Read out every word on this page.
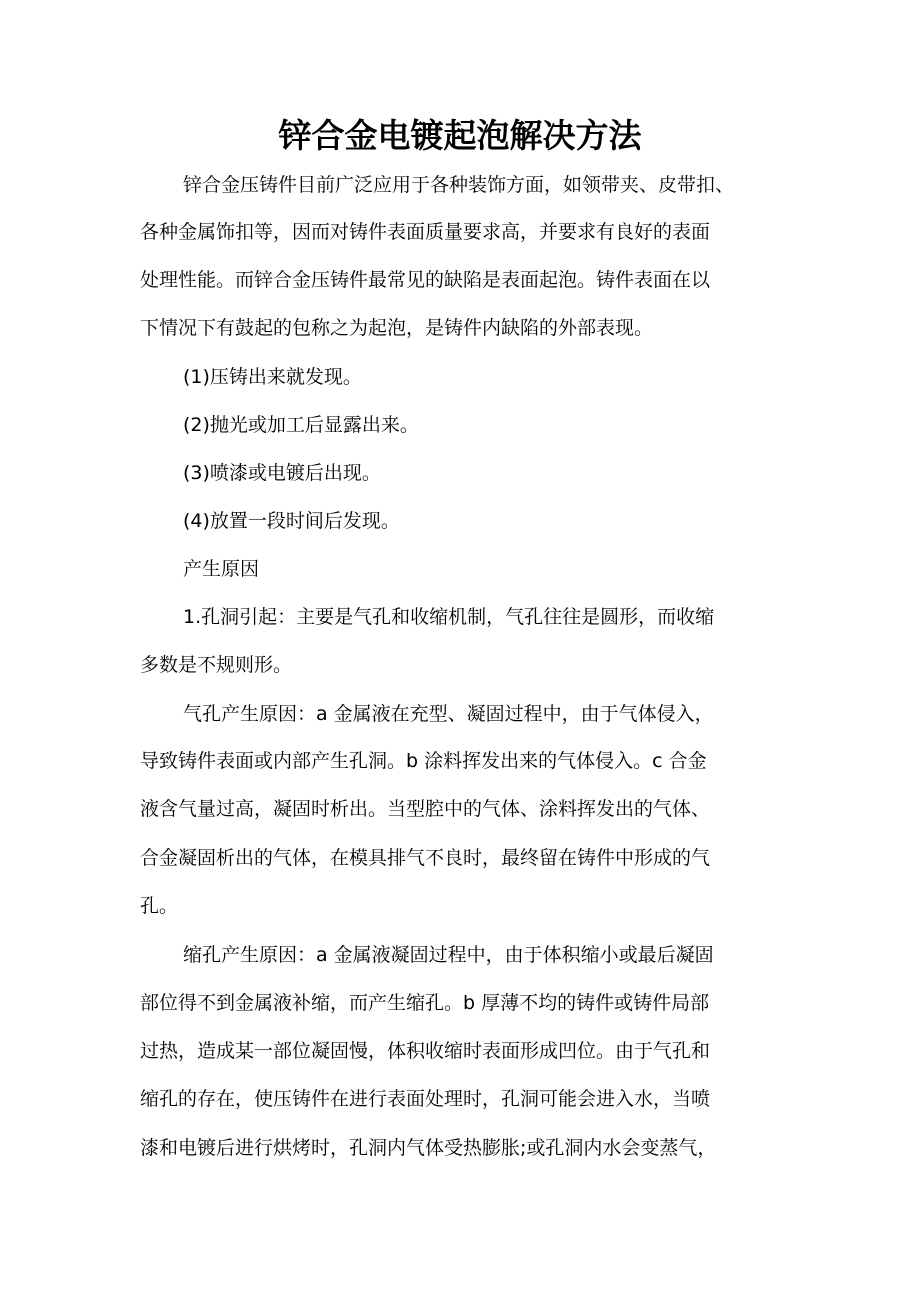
锌合金电镀起泡解决方法

锌合金压铸件目前广泛应用于各种装饰方面，如领带夹、皮带扣、

各种金属饰扣等，因而对铸件表面质量要求高，并要求有良好的表面

处理性能。而锌合金压铸件最常见的缺陷是表面起泡。铸件表面在以

下情况下有鼓起的包称之为起泡，是铸件内缺陷的外部表现。

(1)压铸出来就发现。

(2)抛光或加工后显露出来。

(3)喷漆或电镀后出现。

(4)放置一段时间后发现。

产生原因

1.孔洞引起：主要是气孔和收缩机制，气孔往往是圆形，而收缩

多数是不规则形。

气孔产生原因：a 金属液在充型、凝固过程中，由于气体侵入，

导致铸件表面或内部产生孔洞。b 涂料挥发出来的气体侵入。c 合金

液含气量过高，凝固时析出。当型腔中的气体、涂料挥发出的气体、

合金凝固析出的气体，在模具排气不良时，最终留在铸件中形成的气

孔。

缩孔产生原因：a 金属液凝固过程中，由于体积缩小或最后凝固

部位得不到金属液补缩，而产生缩孔。b 厚薄不均的铸件或铸件局部

过热，造成某一部位凝固慢，体积收缩时表面形成凹位。由于气孔和

缩孔的存在，使压铸件在进行表面处理时，孔洞可能会进入水，当喷

漆和电镀后进行烘烤时，孔洞内气体受热膨胀;或孔洞内水会变蒸气，
